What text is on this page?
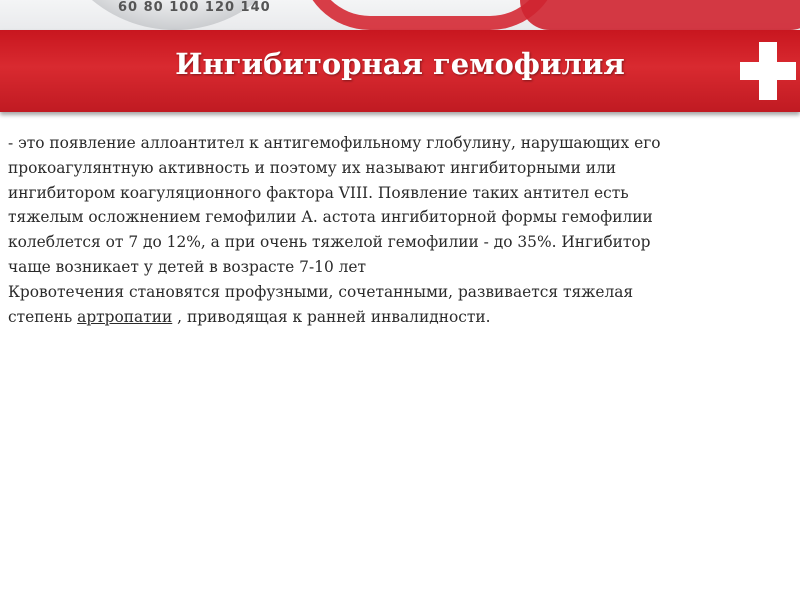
60 80 100 120 140
Ингибиторная гемофилия
- это появление аллоантител к антигемофильному глобулину, нарушающих его
прокоагулянтную активность и поэтому их называют ингибиторными или
ингибитором коагуляционного фактора VIII. Появление таких антител есть
тяжелым осложнением гемофилии А. астота ингибиторной формы гемофилии
колеблется от 7 до 12%, а при очень тяжелой гемофилии - до 35%. Ингибитор
чаще возникает у детей в возрасте 7-10 лет
Кровотечения становятся профузными, сочетанными, развивается тяжелая
степень артропатии , приводящая к ранней инвалидности.
